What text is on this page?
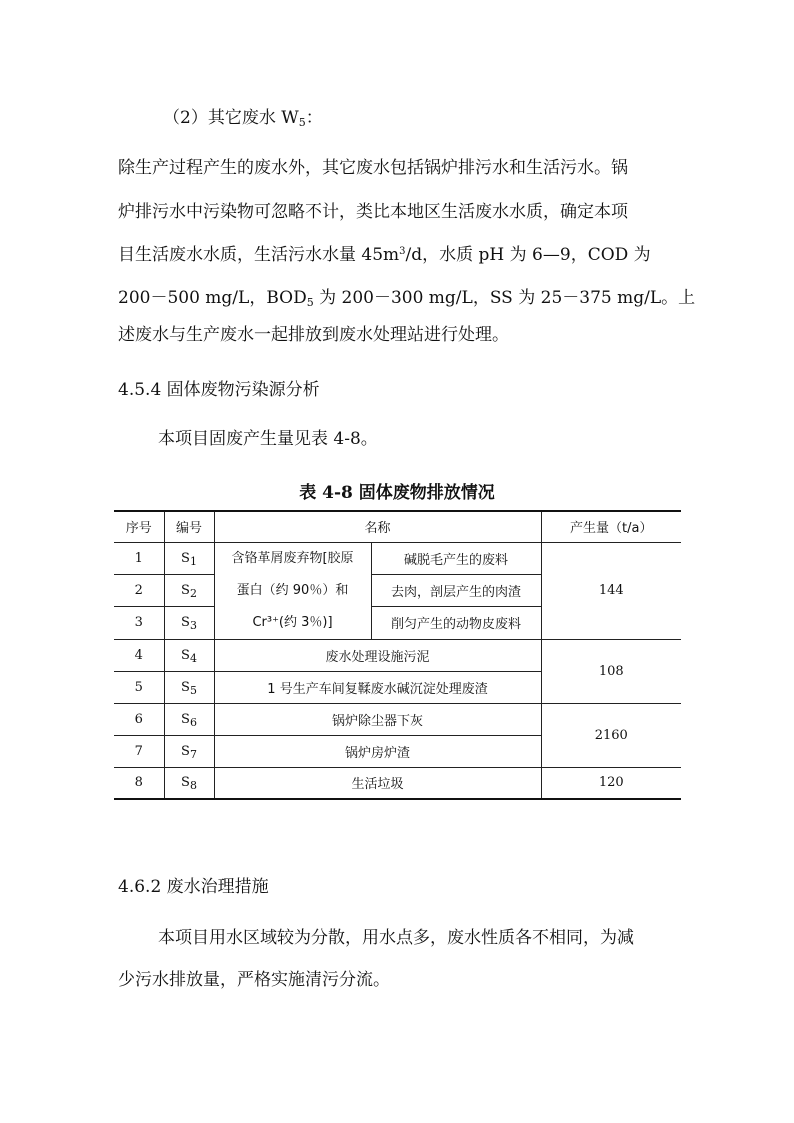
（2）其它废水 $W_5$：
除生产过程产生的废水外，其它废水包括锅炉排污水和生活污水。锅
炉排污水中污染物可忽略不计，类比本地区生活废水水质，确定本项
目生活废水水质，生活污水水量 $45m^3/d$，水质 pH 为 6—9，COD 为
200－500 mg/L，$BOD_5$ 为 200－300 mg/L，SS 为 25－375 mg/L。上
述废水与生产废水一起排放到废水处理站进行处理。
4.5.4 固体废物污染源分析
本项目固废产生量见表 4-8。
表 4-8 固体废物排放情况
序号	编号	名称		产生量（t/a）
1	$S_1$	含铬革屑废弃物[胶原
蛋白（约 90％）和
Cr³⁺(约 3％)]	碱脱毛产生的废料	144
2	$S_2$		去肉，剖层产生的肉渣	
3	$S_3$		削匀产生的动物皮废料	
4	$S_4$	废水处理设施污泥		108
5	$S_5$	1 号生产车间复鞣废水碱沉淀处理废渣		
6	$S_6$	锅炉除尘器下灰		2160
7	$S_7$	锅炉房炉渣		
8	$S_8$	生活垃圾		120
4.6.2 废水治理措施
本项目用水区域较为分散，用水点多，废水性质各不相同，为减
少污水排放量，严格实施清污分流。
